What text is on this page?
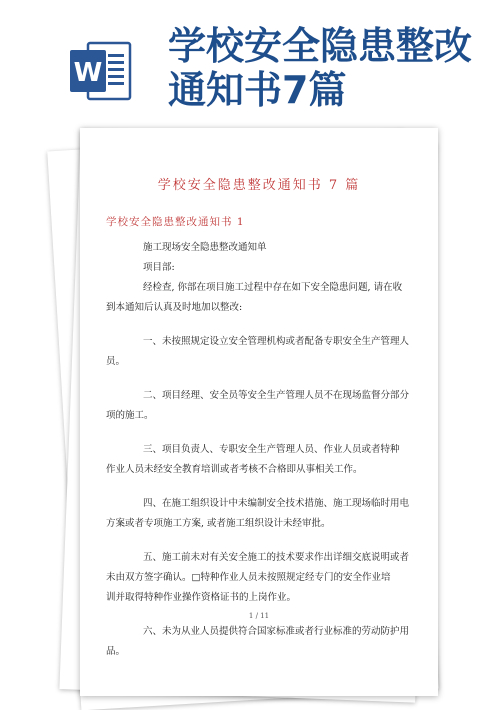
W
学校安全隐患整改
通知书7篇
学校安全隐患整改通知书 7 篇
学校安全隐患整改通知书 1

施工现场安全隐患整改通知单

项目部:

经检查, 你部在项目施工过程中存在如下安全隐患问题, 请在收

到本通知后认真及时地加以整改:

一、未按照规定设立安全管理机构或者配备专职安全生产管理人

员。

二、项目经理、安全员等安全生产管理人员不在现场监督分部分

项的施工。

三、项目负责人、专职安全生产管理人员、作业人员或者特种

作业人员未经安全教育培训或者考核不合格即从事相关工作。

四、在施工组织设计中未编制安全技术措施、施工现场临时用电

方案或者专项施工方案, 或者施工组织设计未经审批。

五、施工前未对有关安全施工的技术要求作出详细交底说明或者

未由双方签字确认。□特种作业人员未按照规定经专门的安全作业培

训并取得特种作业操作资格证书的上岗作业。

六、未为从业人员提供符合国家标准或者行业标准的劳动防护用

品。

1 / 11
